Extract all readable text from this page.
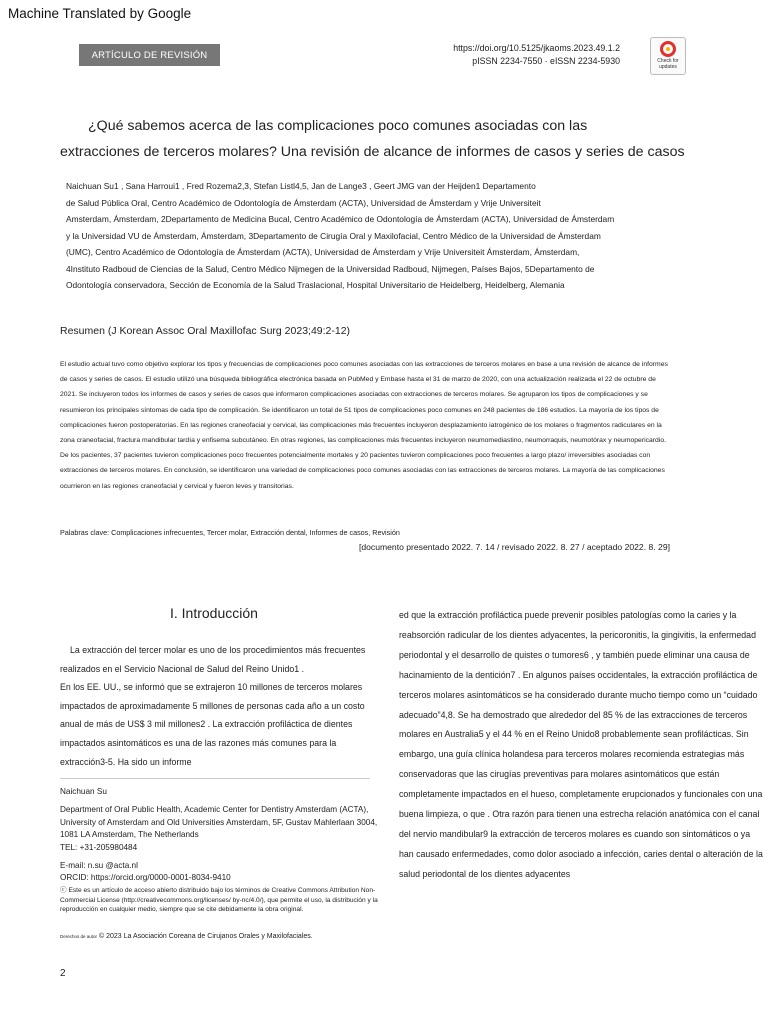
Machine Translated by Google
ARTÍCULO DE REVISIÓN
https://doi.org/10.5125/jkaoms.2023.49.1.2
pISSN 2234-7550 · eISSN 2234-5930	Check for updates
¿Qué sabemos acerca de las complicaciones poco comunes asociadas con las
extracciones de terceros molares? Una revisión de alcance de informes de casos y series de casos

Naichuan Su1 , Sana Harroui1 , Fred Rozema2,3, Stefan Listl4,5, Jan de Lange3 , Geert JMG van der Heijden1 Departamento

de Salud Pública Oral, Centro Académico de Odontología de Ámsterdam (ACTA), Universidad de Ámsterdam y Vrije Universiteit

Amsterdam, Ámsterdam, 2Departamento de Medicina Bucal, Centro Académico de Odontología de Ámsterdam (ACTA), Universidad de Ámsterdam

y la Universidad VU de Ámsterdam, Ámsterdam, 3Departamento de Cirugía Oral y Maxilofacial, Centro Médico de la Universidad de Ámsterdam

(UMC), Centro Académico de Odontología de Ámsterdam (ACTA), Universidad de Ámsterdam y Vrije Universiteit Ámsterdam, Ámsterdam,

4Instituto Radboud de Ciencias de la Salud, Centro Médico Nijmegen de la Universidad Radboud, Nijmegen, Países Bajos, 5Departamento de

Odontología conservadora, Sección de Economía de la Salud Traslacional, Hospital Universitario de Heidelberg, Heidelberg, Alemania

Resumen (J Korean Assoc Oral Maxillofac Surg 2023;49:2-12)
El estudio actual tuvo como objetivo explorar los tipos y frecuencias de complicaciones poco comunes asociadas con las extracciones de terceros molares en base a una revisión de alcance de informes de casos y series de casos. El estudio utilizó una búsqueda bibliográfica electrónica basada en PubMed y Embase hasta el 31 de marzo de 2020, con una actualización realizada el 22 de octubre de 2021. Se incluyeron todos los informes de casos y series de casos que informaron complicaciones asociadas con extracciones de terceros molares. Se agruparon los tipos de complicaciones y se resumieron los principales síntomas de cada tipo de complicación. Se identificaron un total de 51 tipos de complicaciones poco comunes en 248 pacientes de 186 estudios. La mayoría de los tipos de complicaciones fueron postoperatorias. En las regiones craneofacial y cervical, las complicaciones más frecuentes incluyeron desplazamiento iatrogénico de los molares o fragmentos radiculares en la zona craneofacial, fractura mandibular tardía y enfisema subcutáneo. En otras regiones, las complicaciones más frecuentes incluyeron neumomediastino, neumorraquis, neumotórax y neumopericardio. De los pacientes, 37 pacientes tuvieron complicaciones poco frecuentes potencialmente mortales y 20 pacientes tuvieron complicaciones poco frecuentes a largo plazo/ irreversibles asociadas con extracciones de terceros molares. En conclusión, se identificaron una variedad de complicaciones poco comunes asociadas con las extracciones de terceros molares. La mayoría de las complicaciones ocurrieron en las regiones craneofacial y cervical y fueron leves y transitorias.
Palabras clave: Complicaciones infrecuentes, Tercer molar, Extracción dental, Informes de casos, Revisión
[documento presentado 2022. 7. 14 / revisado 2022. 8. 27 / aceptado 2022. 8. 29]
I. Introducción

La extracción del tercer molar es uno de los procedimientos más frecuentes realizados en el Servicio Nacional de Salud del Reino Unido1 .

En los EE. UU., se informó que se extrajeron 10 millones de terceros molares impactados de aproximadamente 5 millones de personas cada año a un costo anual de más de US$ 3 mil millones2 . La extracción profiláctica de dientes impactados asintomáticos es una de las razones más comunes para la extracción3-5. Ha sido un informe

Naichuan Su

Department of Oral Public Health, Academic Center for Dentistry Amsterdam (ACTA), University of Amsterdam and Old Universities Amsterdam, 5F, Gustav Mahlerlaan 3004, 1081 LA Amsterdam, The Netherlands

TEL: +31-205980484

E-mail: n.su @acta.nl

ORCID: https://orcid.org/0000-0001-8034-9410

ⓒ Este es un artículo de acceso abierto distribuido bajo los términos de Creative Commons Attribution Non-Commercial License (http://creativecommons.org/licenses/ by-nc/4.0/), que permite el uso, la distribución y la reproducción en cualquier medio, siempre que se cite debidamente la obra original.

Derechos de autor © 2023 La Asociación Coreana de Cirujanos Orales y Maxilofaciales.

ed que la extracción profiláctica puede prevenir posibles patologías como la caries y la reabsorción radicular de los dientes adyacentes, la pericoronitis, la gingivitis, la enfermedad periodontal y el desarrollo de quistes o tumores6 , y también puede eliminar una causa de hacinamiento de la dentición7 . En algunos países occidentales, la extracción profiláctica de terceros molares asintomáticos se ha considerado durante mucho tiempo como un “cuidado adecuado”4,8. Se ha demostrado que alrededor del 85 % de las extracciones de terceros molares en Australia5 y el 44 % en el Reino Unido8 probablemente sean profilácticas. Sin embargo, una guía clínica holandesa para terceros molares recomienda estrategias más conservadoras que las cirugías preventivas para molares asintomáticos que están completamente impactados en el hueso, completamente erupcionados y funcionales con una buena limpieza, o que . Otra razón para tienen una estrecha relación anatómica con el canal del nervio mandibular9 la extracción de terceros molares es cuando son sintomáticos o ya han causado enfermedades, como dolor asociado a infección, caries dental o alteración de la salud periodontal de los dientes adyacentes

2
